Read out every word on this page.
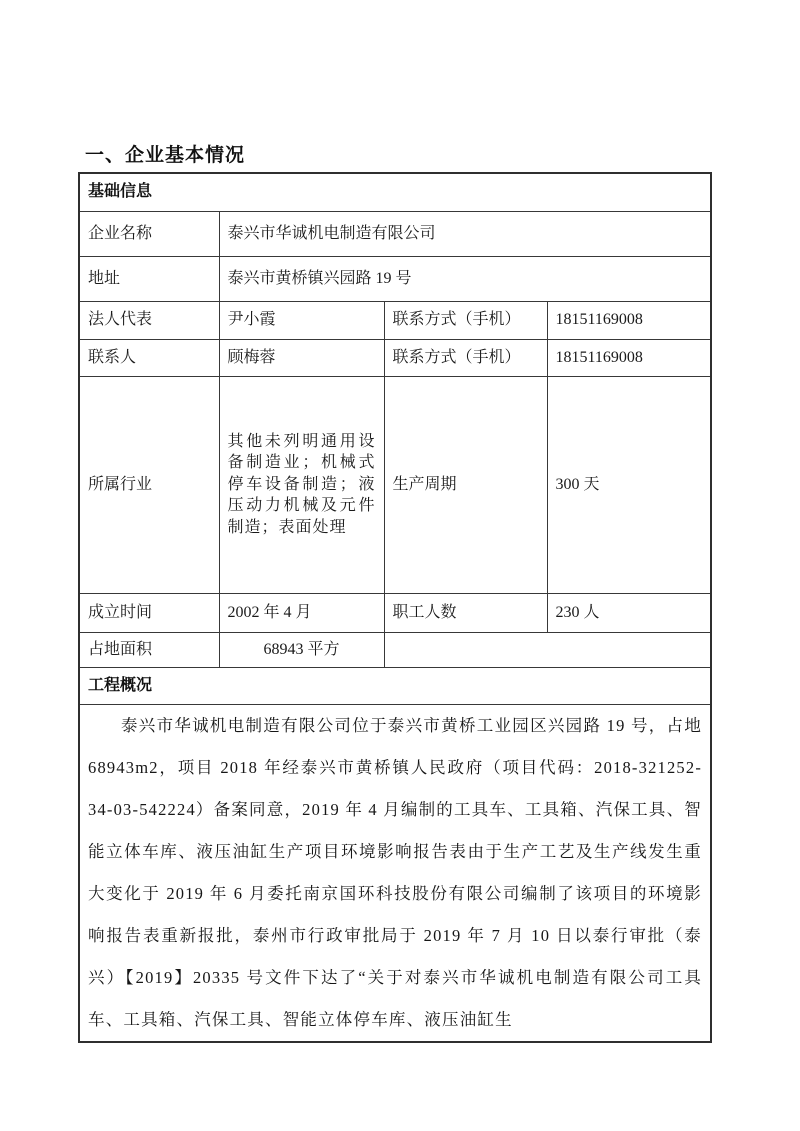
一、企业基本情况
基础信息			
企业名称	泰兴市华诚机电制造有限公司		
地址	泰兴市黄桥镇兴园路 19 号		
法人代表	尹小霞	联系方式（手机）	18151169008
联系人	顾梅蓉	联系方式（手机）	18151169008
所属行业	其他未列明通用设备制造业；机械式停车设备制造；液压动力机械及元件制造；表面处理	生产周期	300 天
成立时间	2002 年 4 月	职工人数	230 人
占地面积	68943 平方		
工程概况			

泰兴市华诚机电制造有限公司位于泰兴市黄桥工业园区兴园路 19 号，占地 68943m2，项目 2018 年经泰兴市黄桥镇人民政府（项目代码：2018-321252-34-03-542224）备案同意，2019 年 4 月编制的工具车、工具箱、汽保工具、智能立体车库、液压油缸生产项目环境影响报告表由于生产工艺及生产线发生重大变化于 2019 年 6 月委托南京国环科技股份有限公司编制了该项目的环境影响报告表重新报批，泰州市行政审批局于 2019 年 7 月 10 日以泰行审批（泰兴）【2019】20335 号文件下达了“关于对泰兴市华诚机电制造有限公司工具车、工具箱、汽保工具、智能立体停车库、液压油缸生			
